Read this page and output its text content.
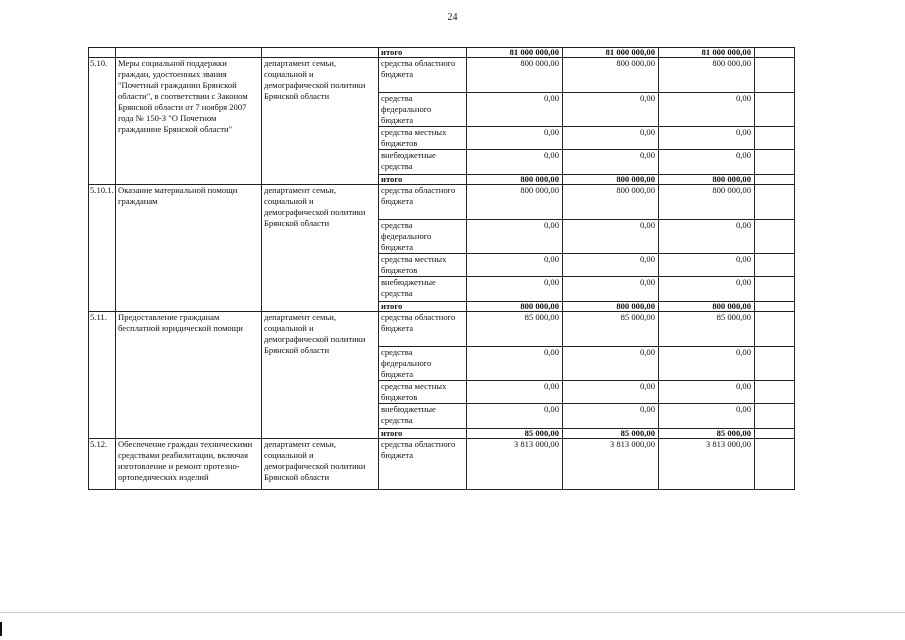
24
			итого	81 000 000,00	81 000 000,00	81 000 000,00	
5.10.	Меры социальной поддержки граждан, удостоенных звания "Почетный гражданин Брянской области", в соответствии с Законом Брянской области от 7 ноября 2007 года № 150-З "О Почетном гражданине Брянской области"	департамент семьи, социальной и демографической политики Брянской области	средства областного бюджета	800 000,00	800 000,00	800 000,00	
			средства федерального бюджета	0,00	0,00	0,00	
			средства местных бюджетов	0,00	0,00	0,00	
			внебюджетные средства	0,00	0,00	0,00	
			итого	800 000,00	800 000,00	800 000,00	
5.10.1.	Оказание материальной помощи гражданам	департамент семьи, социальной и демографической политики Брянской области	средства областного бюджета	800 000,00	800 000,00	800 000,00	
			средства федерального бюджета	0,00	0,00	0,00	
			средства местных бюджетов	0,00	0,00	0,00	
			внебюджетные средства	0,00	0,00	0,00	
			итого	800 000,00	800 000,00	800 000,00	
5.11.	Предоставление гражданам бесплатной юридической помощи	департамент семьи, социальной и демографической политики Брянской области	средства областного бюджета	85 000,00	85 000,00	85 000,00	
			средства федерального бюджета	0,00	0,00	0,00	
			средства местных бюджетов	0,00	0,00	0,00	
			внебюджетные средства	0,00	0,00	0,00	
			итого	85 000,00	85 000,00	85 000,00	
5.12.	Обеспечение граждан техническими средствами реабилитации, включая изготовление и ремонт протезно-ортопедических изделий	департамент семьи, социальной и демографической политики Брянской области	средства областного бюджета	3 813 000,00	3 813 000,00	3 813 000,00	
